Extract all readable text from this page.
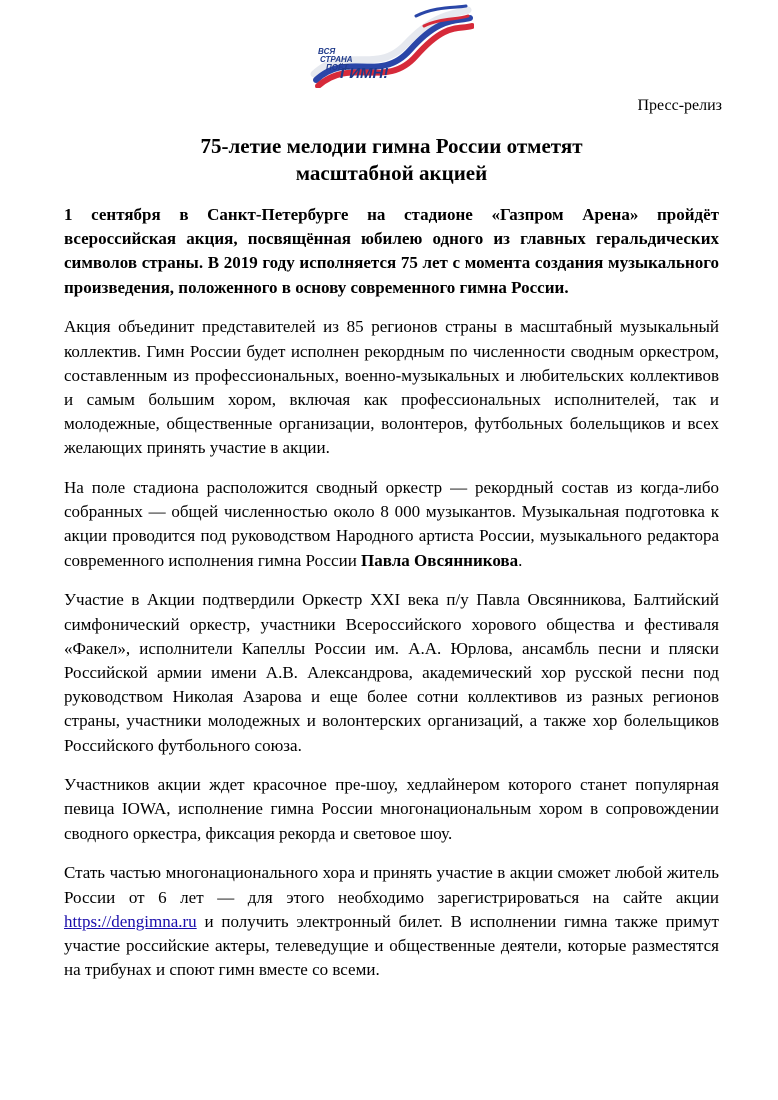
ВСЯ
СТРАНА
ПОЁТ
ГИМН!
Пресс-релиз
75-летие мелодии гимна России отметят
масштабной акцией

1 сентября в Санкт-Петербурге на стадионе «Газпром Арена» пройдёт всероссийская акция, посвящённая юбилею одного из главных геральдических символов страны. В 2019 году исполняется 75 лет с момента создания музыкального произведения, положенного в основу современного гимна России.

Акция объединит представителей из 85 регионов страны в масштабный музыкальный коллектив. Гимн России будет исполнен рекордным по численности сводным оркестром, составленным из профессиональных, военно-музыкальных и любительских коллективов и самым большим хором, включая как профессиональных исполнителей, так и молодежные, общественные организации, волонтеров, футбольных болельщиков и всех желающих принять участие в акции.

На поле стадиона расположится сводный оркестр — рекордный состав из когда-либо собранных — общей численностью около 8 000 музыкантов. Музыкальная подготовка к акции проводится под руководством Народного артиста России, музыкального редактора современного исполнения гимна России Павла Овсянникова.

Участие в Акции подтвердили Оркестр XXI века п/у Павла Овсянникова, Балтийский симфонический оркестр, участники Всероссийского хорового общества и фестиваля «Факел», исполнители Капеллы России им. А.А. Юрлова, ансамбль песни и пляски Российской армии имени А.В. Александрова, академический хор русской песни под руководством Николая Азарова и еще более сотни коллективов из разных регионов страны, участники молодежных и волонтерских организаций, а также хор болельщиков Российского футбольного союза.

Участников акции ждет красочное пре-шоу, хедлайнером которого станет популярная певица IOWA, исполнение гимна России многонациональным хором в сопровождении сводного оркестра, фиксация рекорда и световое шоу.

Стать частью многонационального хора и принять участие в акции сможет любой житель России от 6 лет — для этого необходимо зарегистрироваться на сайте акции https://dengimna.ru и получить электронный билет. В исполнении гимна также примут участие российские актеры, телеведущие и общественные деятели, которые разместятся на трибунах и споют гимн вместе со всеми.
